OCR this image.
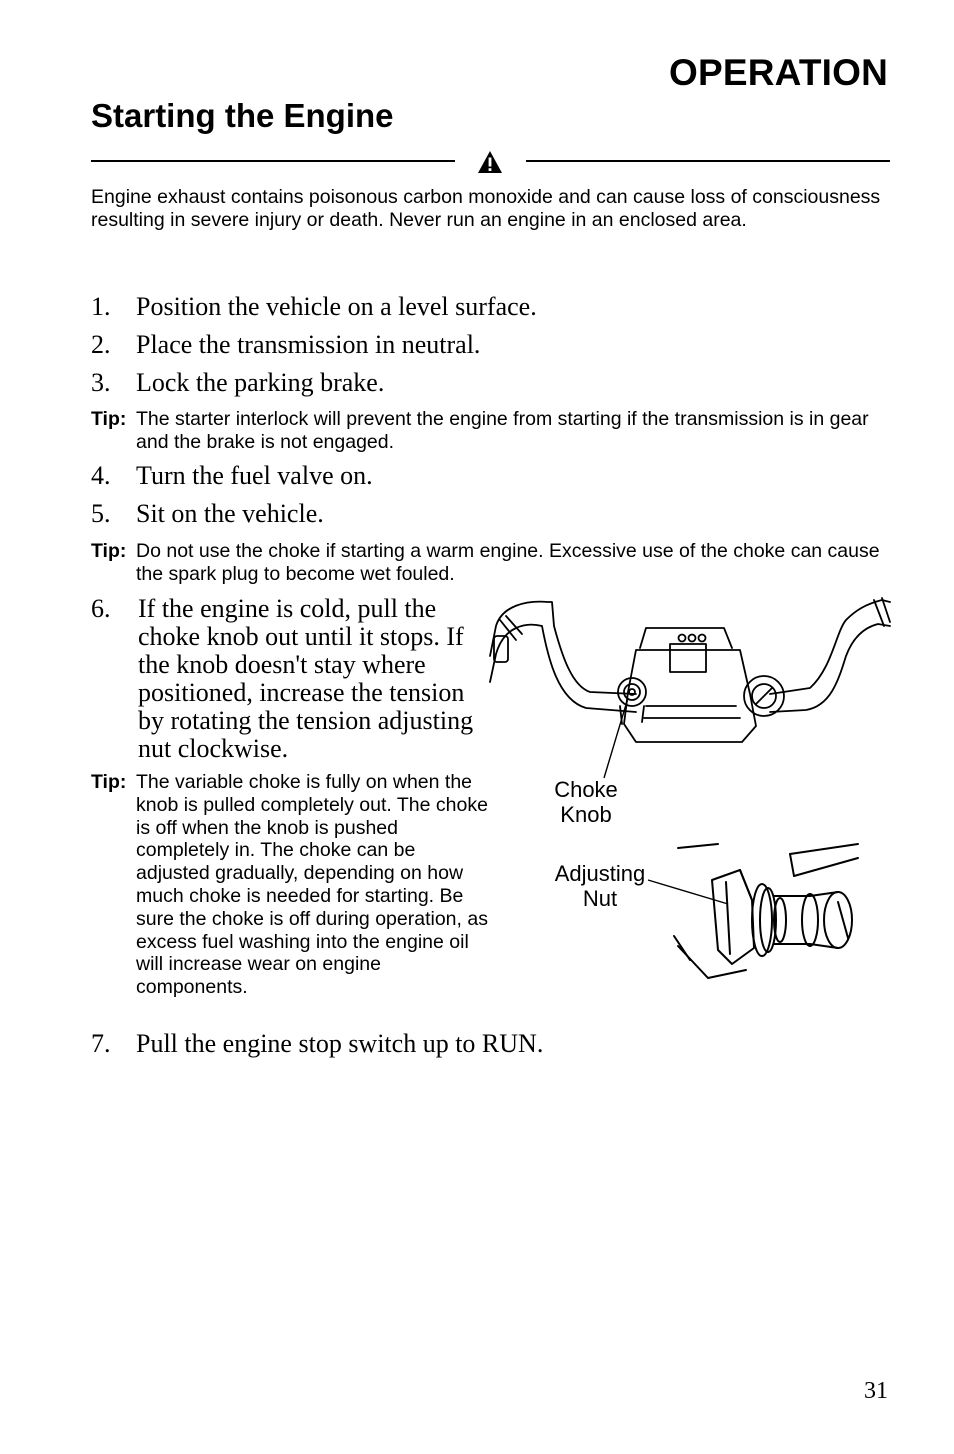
OPERATION
Starting the Engine
Engine exhaust contains poisonous carbon monoxide and can cause loss of consciousness resulting in severe injury or death. Never run an engine in an enclosed area.
1. Position the vehicle on a level surface.
2. Place the transmission in neutral.
3. Lock the parking brake.
Tip: The starter interlock will prevent the engine from starting if the transmission is in gear and the brake is not engaged.
4. Turn the fuel valve on.
5. Sit on the vehicle.
Tip: Do not use the choke if starting a warm engine. Excessive use of the choke can cause the spark plug to become wet fouled.
6. If the engine is cold, pull the choke knob out until it stops. If the knob doesn't stay where positioned, increase the tension by rotating the tension adjusting nut clockwise.
Tip: The variable choke is fully on when the knob is pulled completely out. The choke is off when the knob is pushed completely in. The choke can be adjusted gradually, depending on how much choke is needed for starting. Be sure the choke is off during operation, as excess fuel washing into the engine oil will increase wear on engine components.
7. Pull the engine stop switch up to RUN.
Choke
Knob
Adjusting
Nut
31
